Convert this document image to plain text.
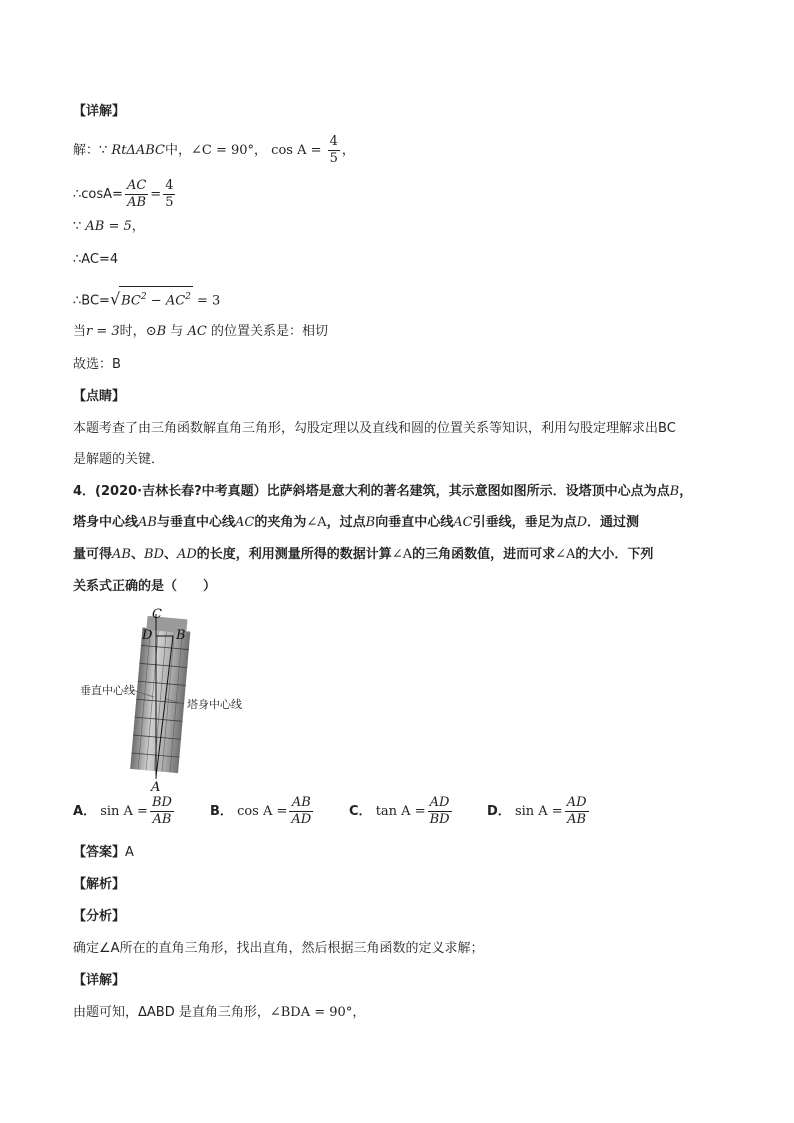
【详解】
解：∵ RtΔABC中，∠C = 90°， $\cos A = \frac{4}{5}$ ，
∴cosA= $\frac{AC}{AB} = \frac{4}{5}$
∵ AB = 5，
∴AC=4
$\therefore BC=√BC^2 - AC^2 = 3$
当r = 3时，⊙B 与 AC 的位置关系是：相切
故选：B
【点睛】
本题考查了由三角函数解直角三角形，勾股定理以及直线和圆的位置关系等知识，利用勾股定理解求出BC
是解题的关键．
4．(2020·吉林长春?中考真题）比萨斜塔是意大利的著名建筑，其示意图如图所示．设塔顶中心点为点B，
塔身中心线AB与垂直中心线AC的夹角为∠A，过点B向垂直中心线AC引垂线，垂足为点D．通过测
量可得AB、BD、AD的长度，利用测量所得的数据计算∠A的三角函数值，进而可求∠A的大小．下列
关系式正确的是（　　）
C
D B
A
垂直中心线
塔身中心线
A． $\sin A = \frac{BD}{AB}$	B． $\cos A = \frac{AB}{AD}$	C． $\tan A = \frac{AD}{BD}$	D． $\sin A = \frac{AD}{AB}$
【答案】A
【解析】
【分析】
确定∠A所在的直角三角形，找出直角，然后根据三角函数的定义求解；
【详解】
由题可知，ΔABD 是直角三角形，∠BDA = 90°，
